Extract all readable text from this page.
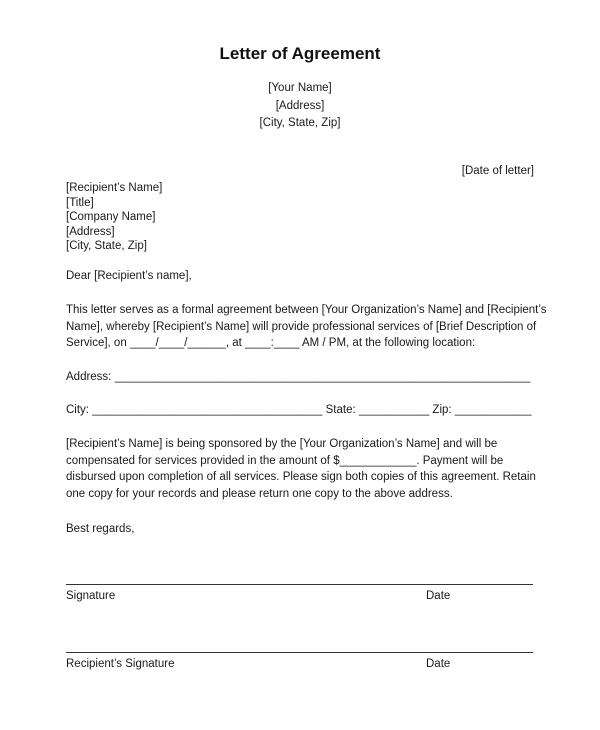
Letter of Agreement
[Your Name]
[Address]
[City, State, Zip]
[Date of letter]
[Recipient’s Name]
[Title]
[Company Name]
[Address]
[City, State, Zip]
Dear [Recipient’s name],
This letter serves as a formal agreement between [Your Organization’s Name] and [Recipient’s
Name], whereby [Recipient’s Name] will provide professional services of [Brief Description of
Service], on ____/____/______, at ____:____ AM / PM, at the following location:
Address: _________________________________________________________________
City: ____________________________________ State: ___________ Zip: ____________
[Recipient’s Name] is being sponsored by the [Your Organization’s Name] and will be
compensated for services provided in the amount of $____________. Payment will be
disbursed upon completion of all services. Please sign both copies of this agreement. Retain
one copy for your records and please return one copy to the above address.
Best regards,
Signature	Date
Recipient’s Signature	Date
